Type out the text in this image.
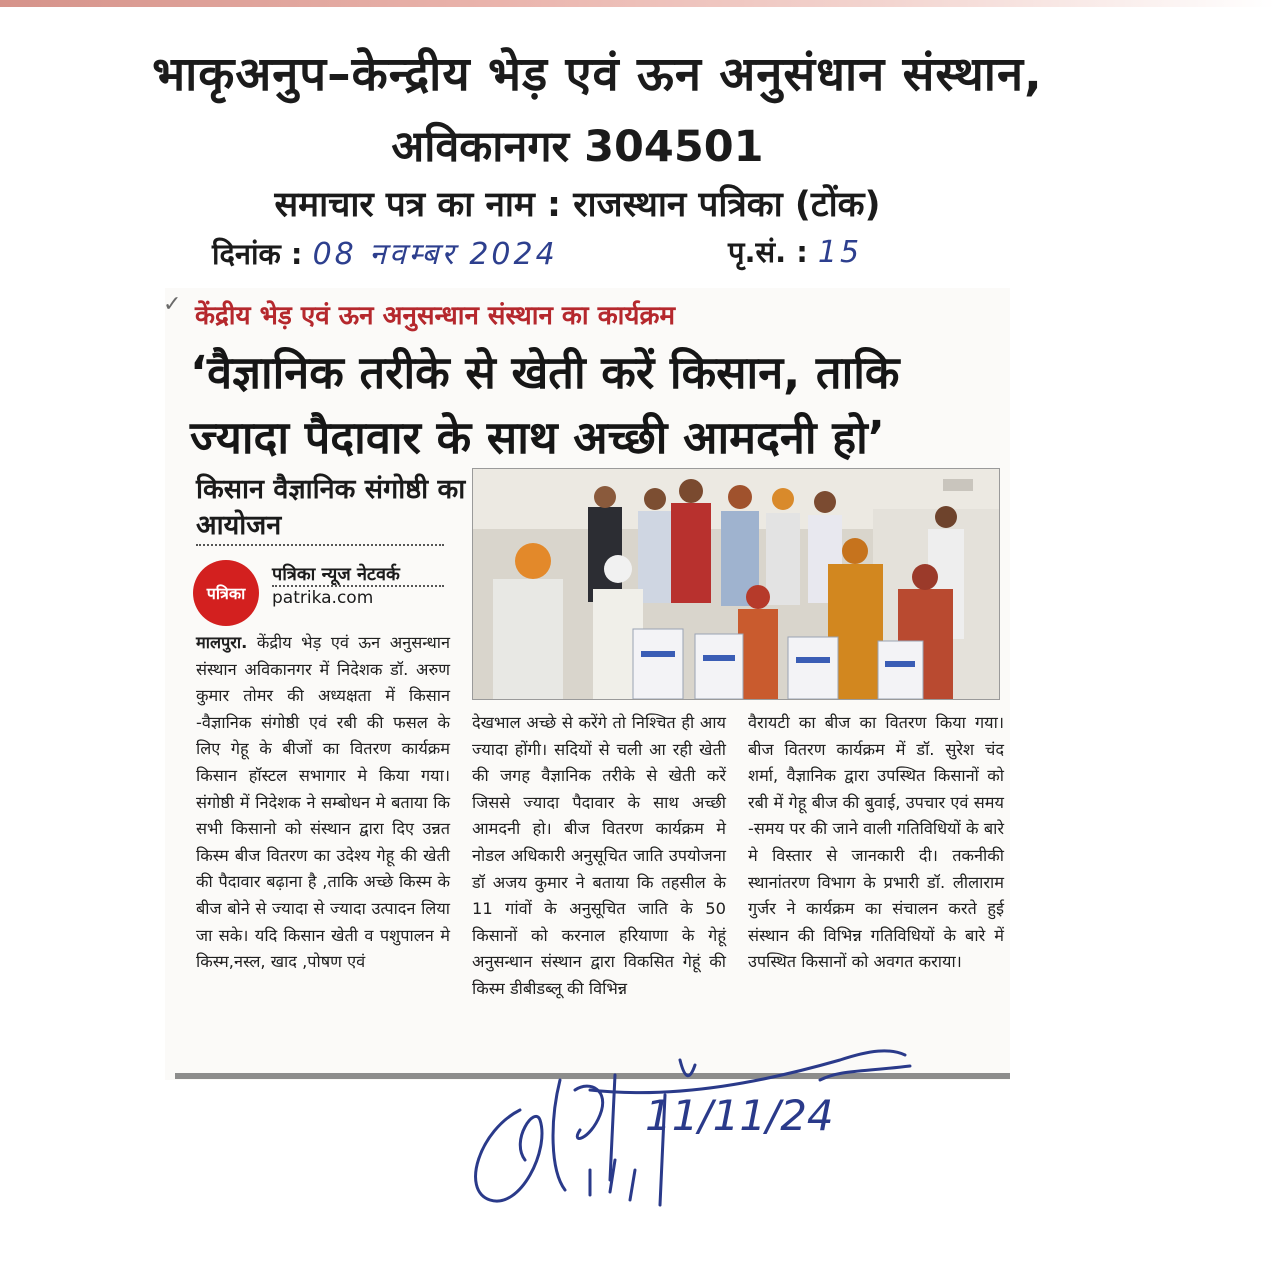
भाकृअनुप–केन्द्रीय भेड़ एवं ऊन अनुसंधान संस्थान,
अविकानगर 304501
समाचार पत्र का नाम : राजस्थान पत्रिका (टोंक)
दिनांक : 08 नवम्बर 2024	पृ.सं. : 15
✓ केंद्रीय भेड़ एवं ऊन अनुसन्धान संस्थान का कार्यक्रम
‘वैज्ञानिक तरीके से खेती करें किसान, ताकि ज्यादा पैदावार के साथ अच्छी आमदनी हो’
किसान वैज्ञानिक संगोष्ठी का आयोजन
पत्रिका
पत्रिका न्यूज नेटवर्क
patrika.com
मालपुरा. केंद्रीय भेड़ एवं ऊन अनुसन्धान संस्थान अविकानगर में निदेशक डॉ. अरुण कुमार तोमर की अध्यक्षता में किसान -वैज्ञानिक संगोष्ठी एवं रबी की फसल के लिए गेहू के बीजों का वितरण कार्यक्रम किसान हॉस्टल सभागार मे किया गया। संगोष्ठी में निदेशक ने सम्बोधन मे बताया कि सभी किसानो को संस्थान द्वारा दिए उन्नत किस्म बीज वितरण का उदेश्य गेहू की खेती की पैदावार बढ़ाना है ,ताकि अच्छे किस्म के बीज बोने से ज्यादा से ज्यादा उत्पादन लिया जा सके। यदि किसान खेती व पशुपालन मे किस्म,नस्ल, खाद ,पोषण एवं
देखभाल अच्छे से करेंगे तो निश्चित ही आय ज्यादा होंगी। सदियों से चली आ रही खेती की जगह वैज्ञानिक तरीके से खेती करें जिससे ज्यादा पैदावार के साथ अच्छी आमदनी हो। बीज वितरण कार्यक्रम मे नोडल अधिकारी अनुसूचित जाति उपयोजना डॉ अजय कुमार ने बताया कि तहसील के 11 गांवों के अनुसूचित जाति के 50 किसानों को करनाल हरियाणा के गेहूं अनुसन्धान संस्थान द्वारा विकसित गेहूं की किस्म डीबीडब्लू की विभिन्न
वैरायटी का बीज का वितरण किया गया। बीज वितरण कार्यक्रम में डॉ. सुरेश चंद शर्मा, वैज्ञानिक द्वारा उपस्थित किसानों को रबी में गेहू बीज की बुवाई, उपचार एवं समय -समय पर की जाने वाली गतिविधियों के बारे मे विस्तार से जानकारी दी। तकनीकी स्थानांतरण विभाग के प्रभारी डॉ. लीलाराम गुर्जर ने कार्यक्रम का संचालन करते हुई संस्थान की विभिन्न गतिविधियों के बारे में उपस्थित किसानों को अवगत कराया।
11/11/24
